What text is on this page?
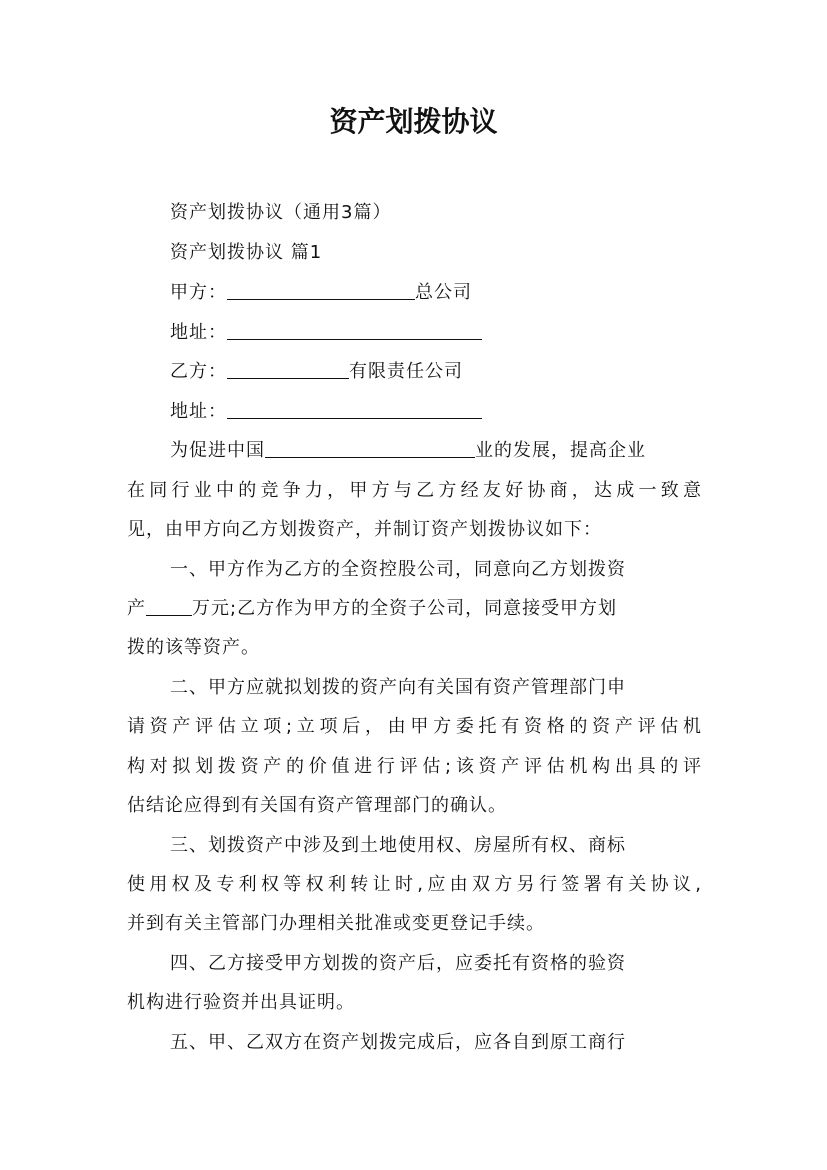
资产划拨协议
资产划拨协议（通用3篇）
资产划拨协议 篇1
甲方：	总公司
地址：
乙方：	有限责任公司
地址：
为促进中国	业的发展，提高企业
在同行业中的竞争力，甲方与乙方经友好协商，达成一致意
见，由甲方向乙方划拨资产，并制订资产划拨协议如下：
一、甲方作为乙方的全资控股公司，同意向乙方划拨资
产	万元;乙方作为甲方的全资子公司，同意接受甲方划
拨的该等资产。
二、甲方应就拟划拨的资产向有关国有资产管理部门申
请资产评估立项;立项后，由甲方委托有资格的资产评估机
构对拟划拨资产的价值进行评估;该资产评估机构出具的评
估结论应得到有关国有资产管理部门的确认。
三、划拨资产中涉及到土地使用权、房屋所有权、商标
使用权及专利权等权利转让时,应由双方另行签署有关协议,
并到有关主管部门办理相关批准或变更登记手续。
四、乙方接受甲方划拨的资产后，应委托有资格的验资
机构进行验资并出具证明。
五、甲、乙双方在资产划拨完成后，应各自到原工商行
